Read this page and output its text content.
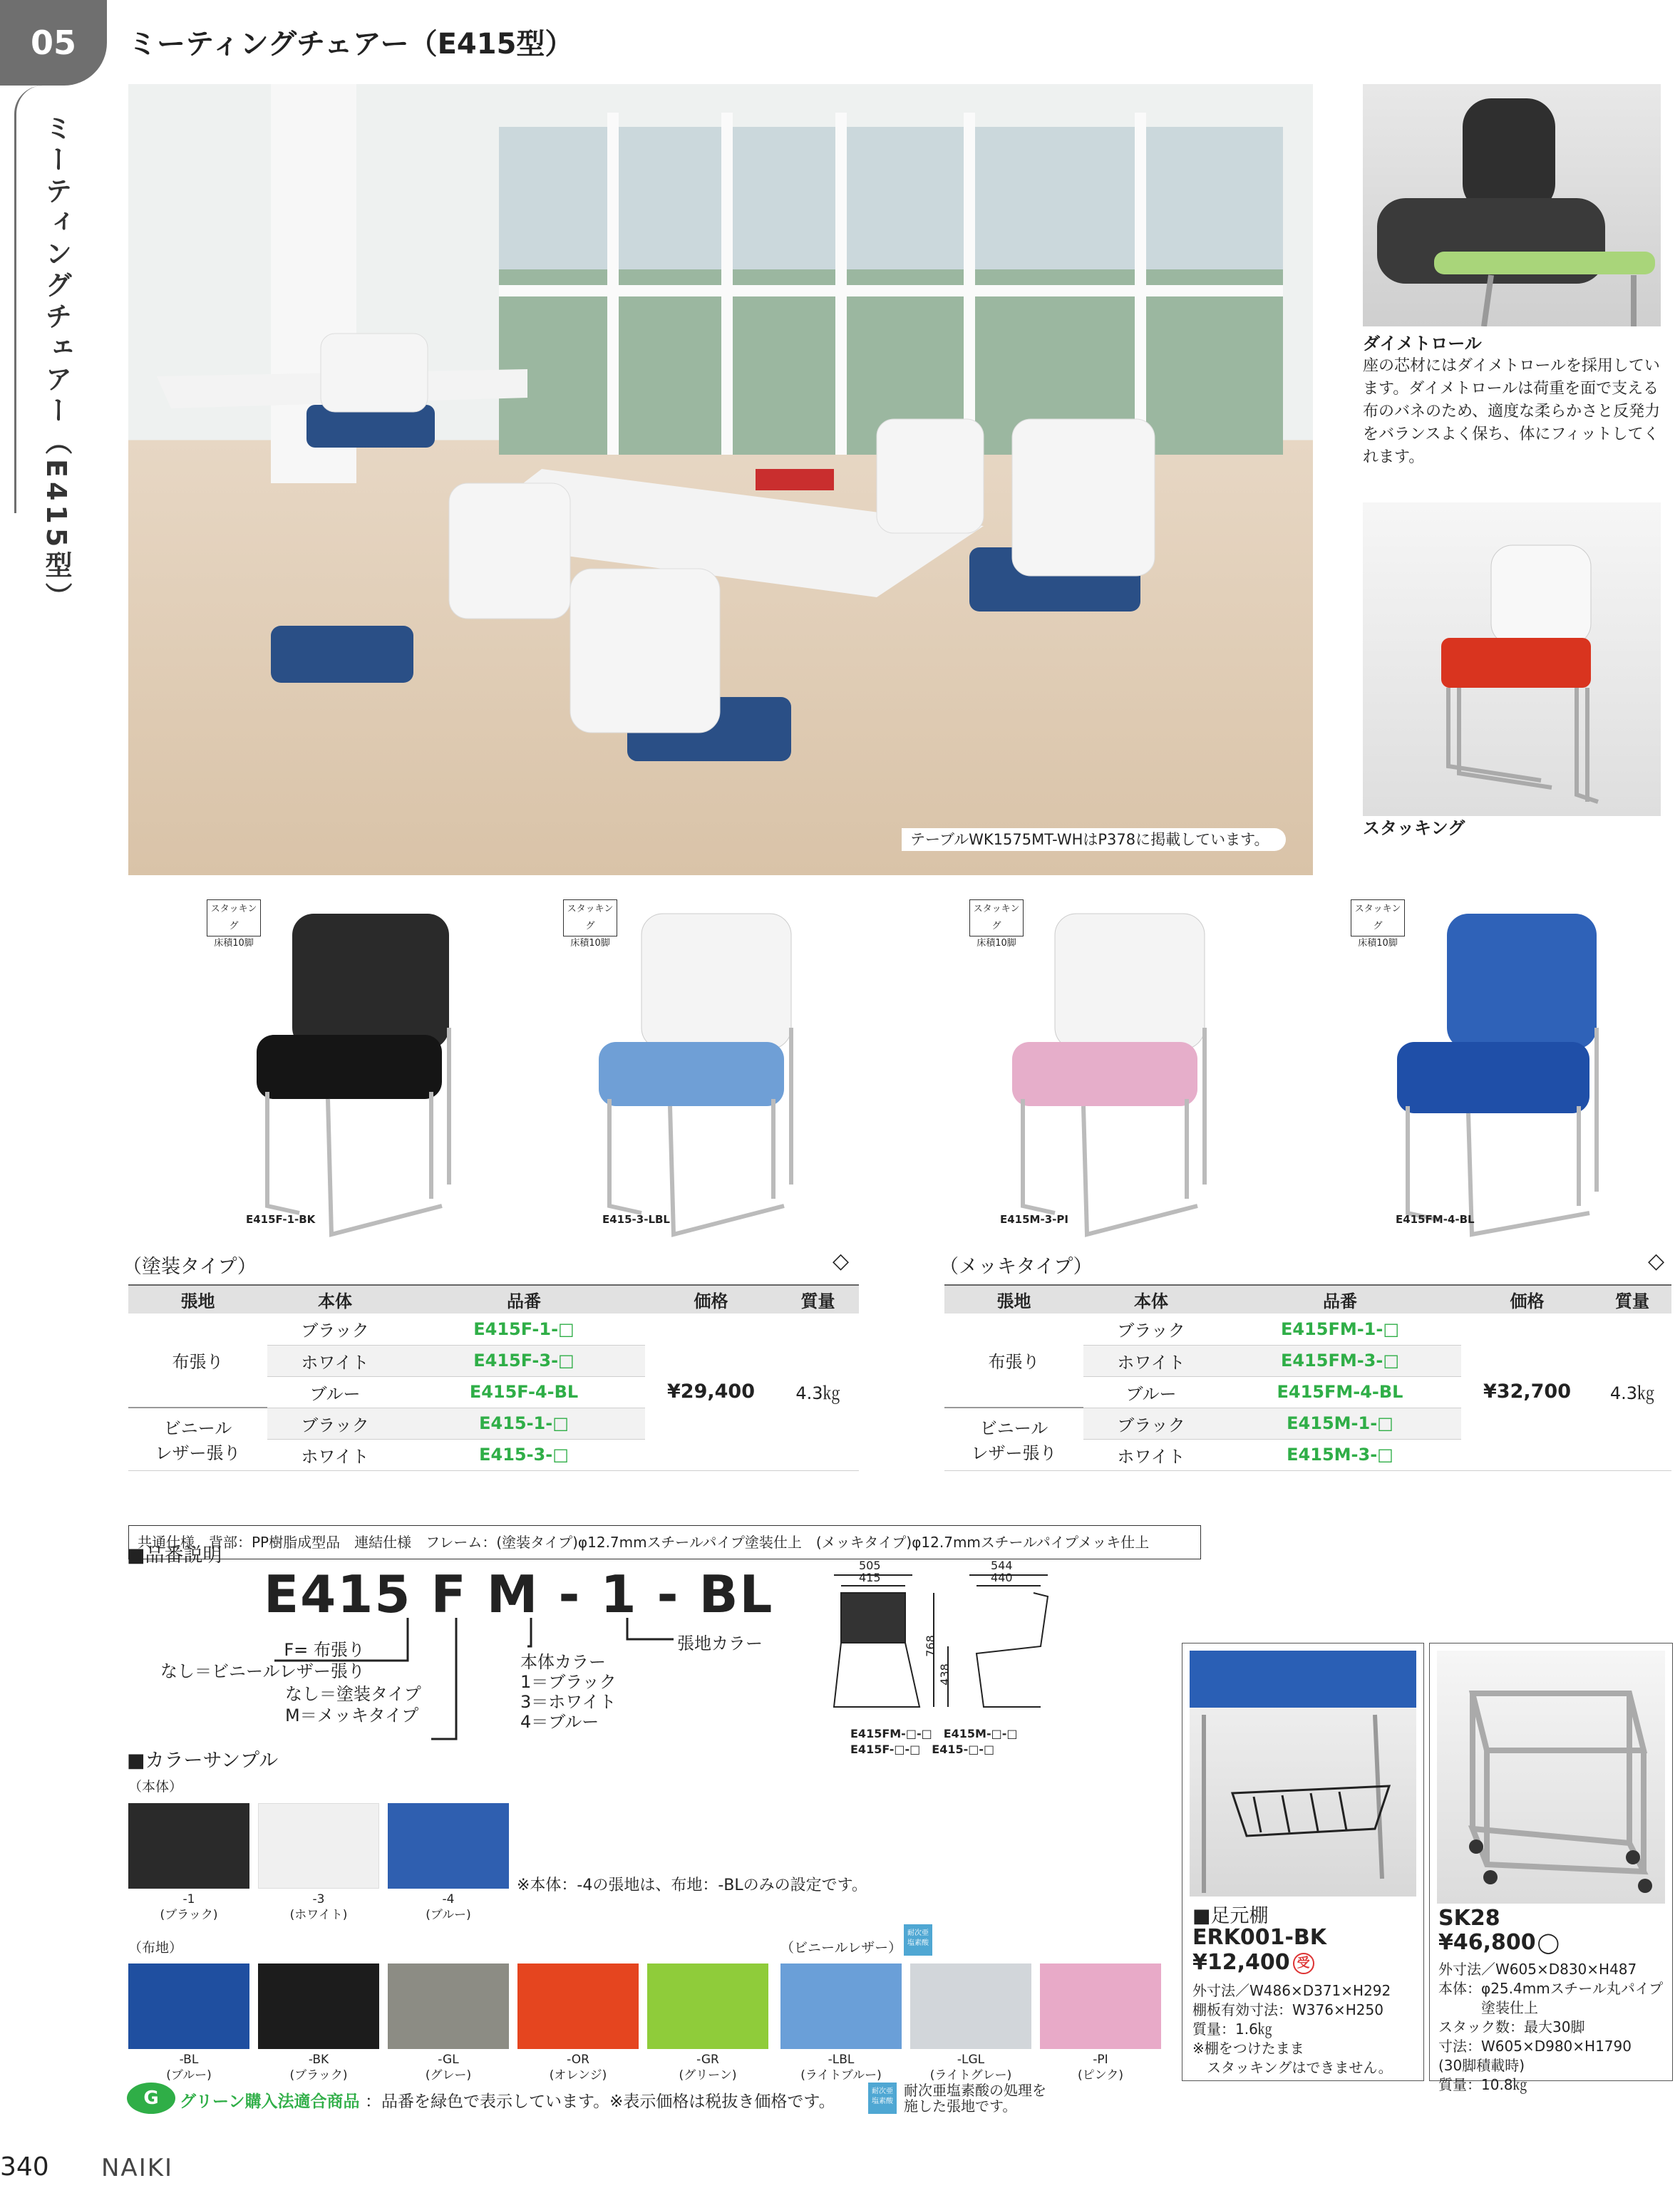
05
ミーティングチェアー（E415型）
ミーティングチェアー（E415型）
テーブルWK1575MT-WHはP378に掲載しています。
ダイメトロール
座の芯材にはダイメトロールを採用しています。ダイメトロールは荷重を面で支える布のバネのため、適度な柔らかさと反発力をバランスよく保ち、体にフィットしてくれます。
スタッキング
スタッキング
床積10脚
E415F-1-BK
スタッキング
床積10脚
E415-3-LBL
スタッキング
床積10脚
E415M-3-PI
スタッキング
床積10脚
E415FM-4-BL
（塗装タイプ）	◇
張地	本体	品番	価格	質量
布張り	ブラック	E415F-1-□	¥29,400	4.3㎏
	ホワイト	E415F-3-□		
	ブルー	E415F-4-BL		
ビニール
レザー張り	ブラック	E415-1-□		
	ホワイト	E415-3-□		
（メッキタイプ）	◇
張地	本体	品番	価格	質量
布張り	ブラック	E415FM-1-□	¥32,700	4.3㎏
	ホワイト	E415FM-3-□		
	ブルー	E415FM-4-BL		
ビニール
レザー張り	ブラック	E415M-1-□		
	ホワイト	E415M-3-□		
共通仕様　背部：PP樹脂成型品　連結仕様　フレーム：(塗装タイプ)φ12.7mmスチールパイプ塗装仕上　(メッキタイプ)φ12.7mmスチールパイプメッキ仕上
■品番説明
E415 F M - 1 - BL
F= 布張り
なし＝ビニールレザー張り
なし＝塗装タイプ
M＝メッキタイプ
本体カラー
1＝ブラック
3＝ホワイト
4＝ブルー
張地カラー
505
415
544
440
768
438
E415FM-□-□　E415M-□-□
E415F-□-□　E415-□-□
■カラーサンプル
（本体）
-1
(ブラック)
-3
(ホワイト)
-4
(ブルー)
※本体：-4の張地は、布地：-BLのみの設定です。
（布地）	（ビニールレザー）
耐次亜
塩素酸
-BL
(ブルー)
-BK
(ブラック)
-GL
(グレー)
-OR
(オレンジ)
-GR
(グリーン)
-LBL
(ライトブルー)
-LGL
(ライトグレー)
-PI
(ピンク)
■足元棚
ERK001-BK
¥12,400 受
外寸法／W486×D371×H292
棚板有効寸法：W376×H250
質量：1.6㎏
※棚をつけたまま
　スタッキングはできません。
SK28
¥46,800◯
外寸法／W605×D830×H487
本体：φ25.4mmスチール丸パイプ
　　　塗装仕上
スタック数：最大30脚
寸法：W605×D980×H1790
(30脚積載時)
質量：10.8㎏
G	グリーン購入法適合商品 ：品番を緑色で表示しています。※表示価格は税抜き価格です。
耐次亜
塩素酸
耐次亜塩素酸の処理を
施した張地です。
340 NAIKI
